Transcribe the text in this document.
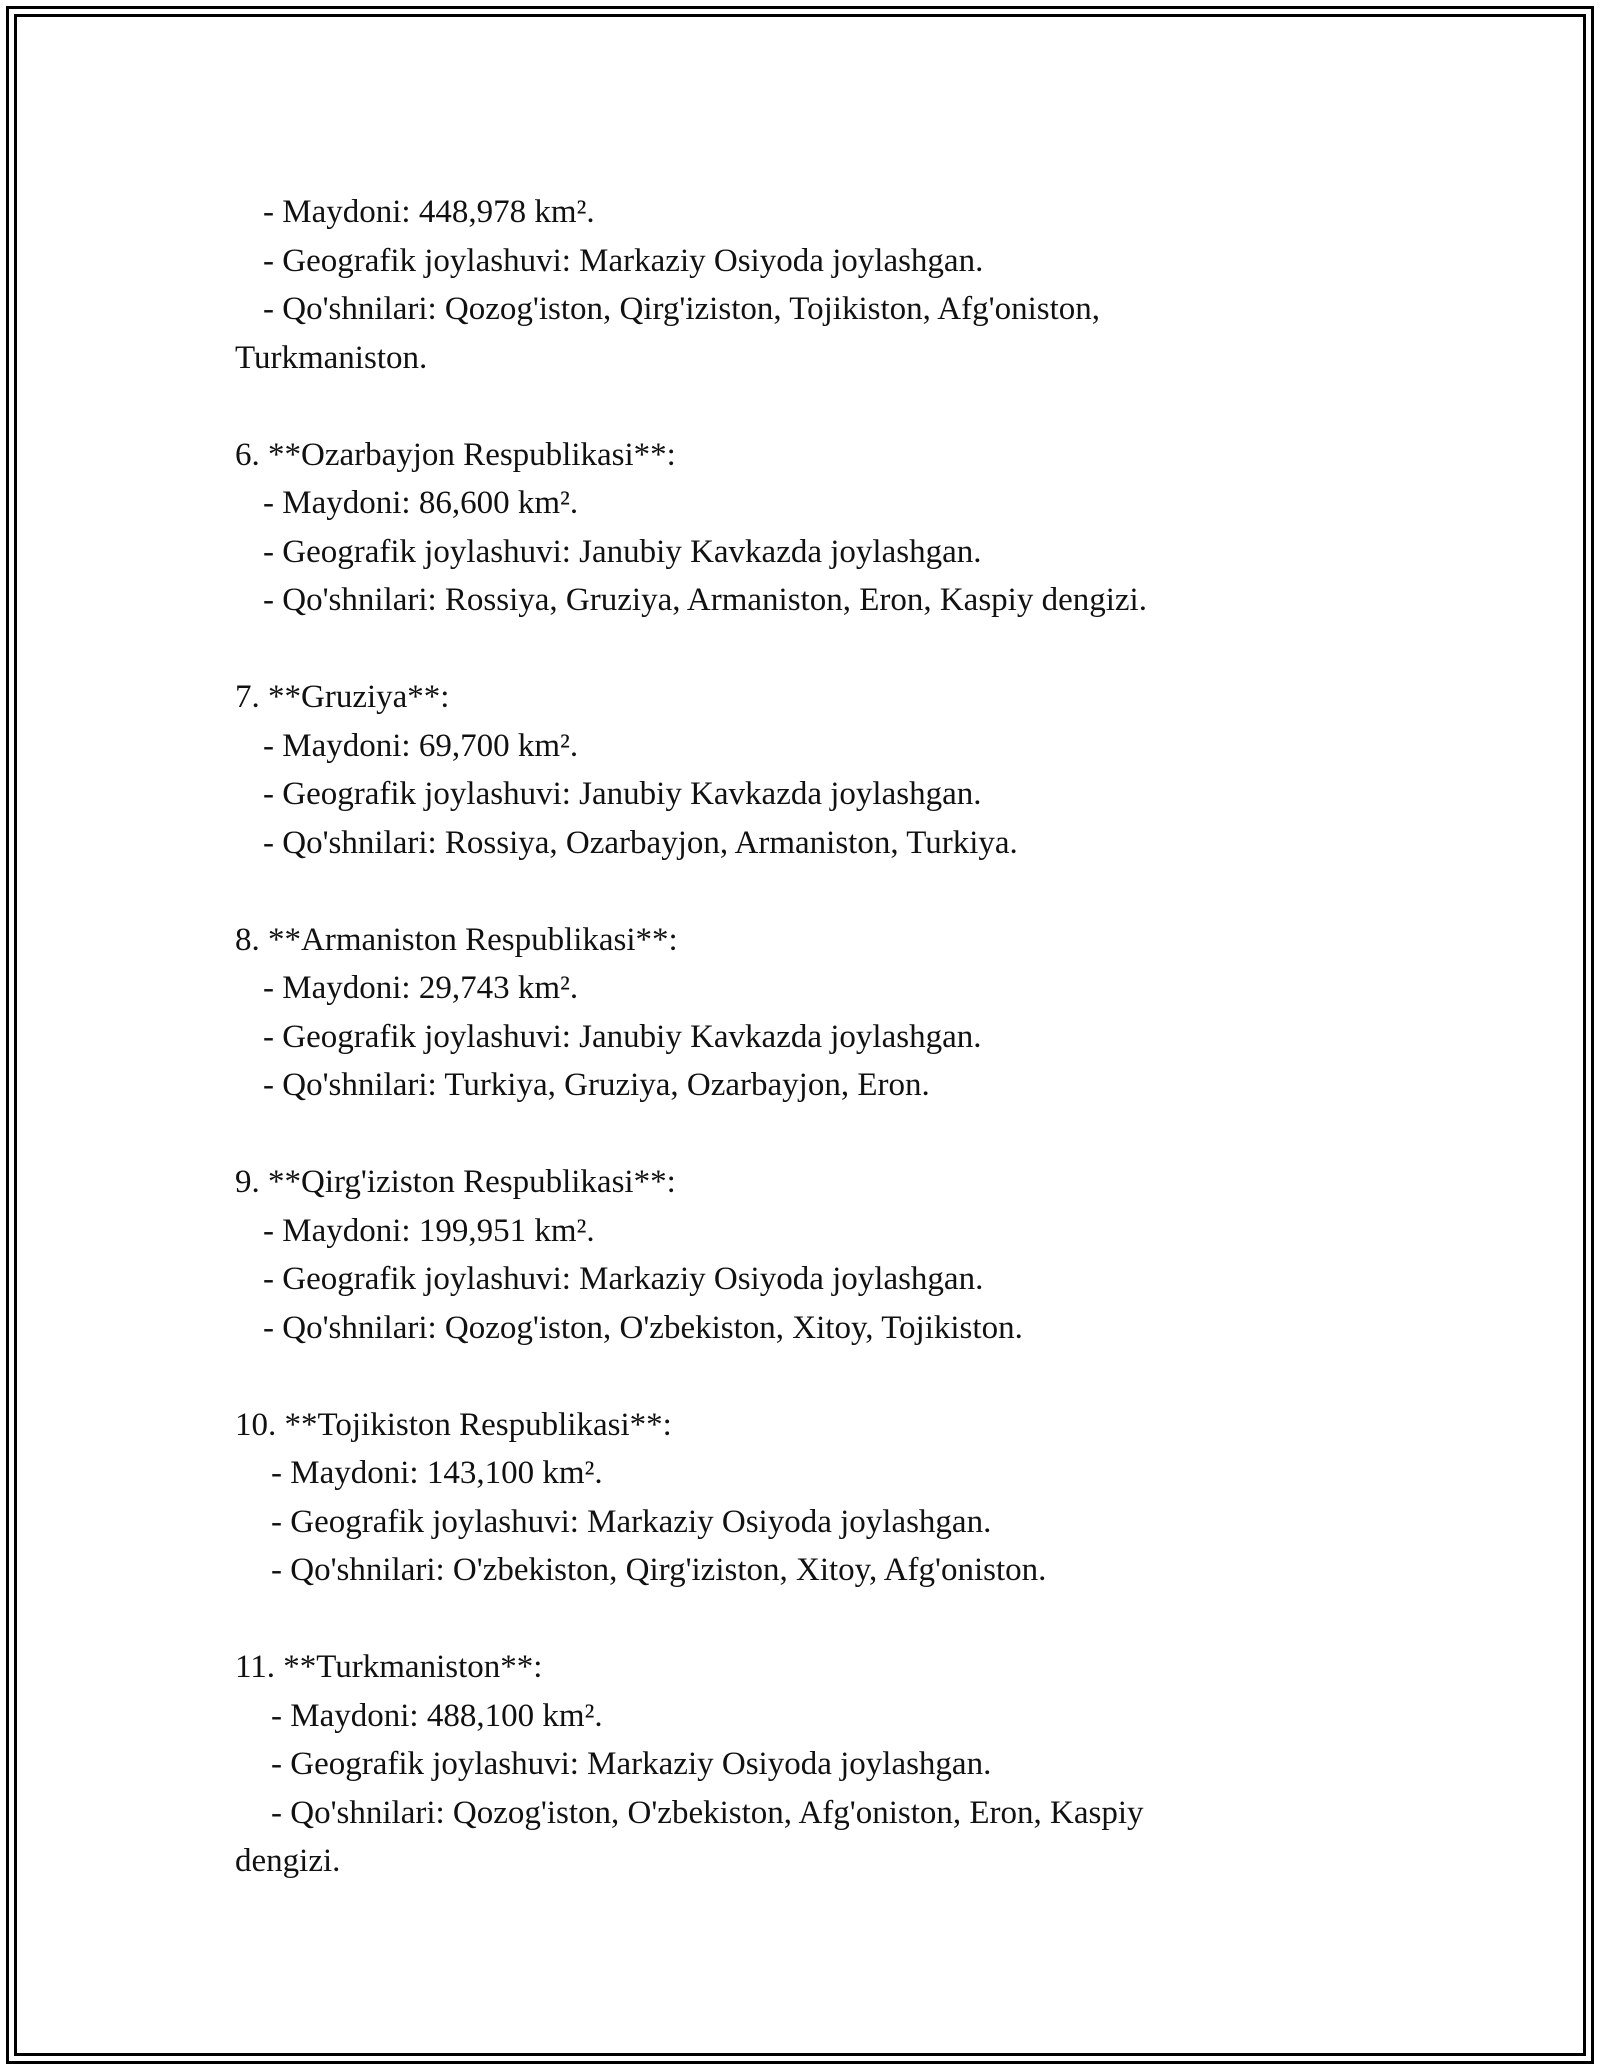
- Maydoni: 448,978 km².

- Geografik joylashuvi: Markaziy Osiyoda joylashgan.

- Qo'shnilari: Qozog'iston, Qirg'iziston, Tojikiston, Afg'oniston,

Turkmaniston.

6. **Ozarbayjon Respublikasi**:

- Maydoni: 86,600 km².

- Geografik joylashuvi: Janubiy Kavkazda joylashgan.

- Qo'shnilari: Rossiya, Gruziya, Armaniston, Eron, Kaspiy dengizi.

7. **Gruziya**:

- Maydoni: 69,700 km².

- Geografik joylashuvi: Janubiy Kavkazda joylashgan.

- Qo'shnilari: Rossiya, Ozarbayjon, Armaniston, Turkiya.

8. **Armaniston Respublikasi**:

- Maydoni: 29,743 km².

- Geografik joylashuvi: Janubiy Kavkazda joylashgan.

- Qo'shnilari: Turkiya, Gruziya, Ozarbayjon, Eron.

9. **Qirg'iziston Respublikasi**:

- Maydoni: 199,951 km².

- Geografik joylashuvi: Markaziy Osiyoda joylashgan.

- Qo'shnilari: Qozog'iston, O'zbekiston, Xitoy, Tojikiston.

10. **Tojikiston Respublikasi**:

- Maydoni: 143,100 km².

- Geografik joylashuvi: Markaziy Osiyoda joylashgan.

- Qo'shnilari: O'zbekiston, Qirg'iziston, Xitoy, Afg'oniston.

11. **Turkmaniston**:

- Maydoni: 488,100 km².

- Geografik joylashuvi: Markaziy Osiyoda joylashgan.

- Qo'shnilari: Qozog'iston, O'zbekiston, Afg'oniston, Eron, Kaspiy

dengizi.
